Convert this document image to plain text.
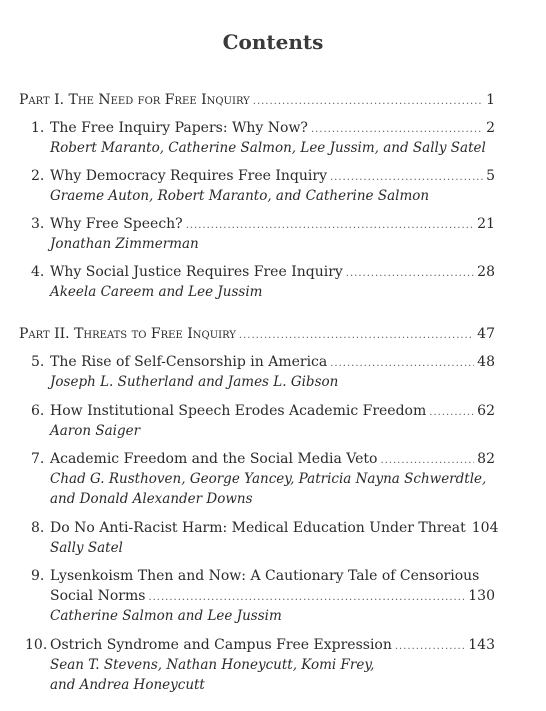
Contents
Part I. The Need for Free Inquiry .....	1
1. The Free Inquiry Papers: Why Now? .....	2
Robert Maranto, Catherine Salmon, Lee Jussim, and Sally Satel
2. Why Democracy Requires Free Inquiry .....	5
Graeme Auton, Robert Maranto, and Catherine Salmon
3. Why Free Speech? .....	21
Jonathan Zimmerman
4. Why Social Justice Requires Free Inquiry .....	28
Akeela Careem and Lee Jussim
Part II. Threats to Free Inquiry .....	47
5. The Rise of Self-Censorship in America .....	48
Joseph L. Sutherland and James L. Gibson
6. How Institutional Speech Erodes Academic Freedom .....	62
Aaron Saiger
7. Academic Freedom and the Social Media Veto .....	82
Chad G. Rusthoven, George Yancey, Patricia Nayna Schwerdtle,
and Donald Alexander Downs
8. Do No Anti-Racist Harm: Medical Education Under Threat 104
Sally Satel
9. Lysenkoism Then and Now: A Cautionary Tale of Censorious
Social Norms .....	130
Catherine Salmon and Lee Jussim
10. Ostrich Syndrome and Campus Free Expression .....	143
Sean T. Stevens, Nathan Honeycutt, Komi Frey,
and Andrea Honeycutt
